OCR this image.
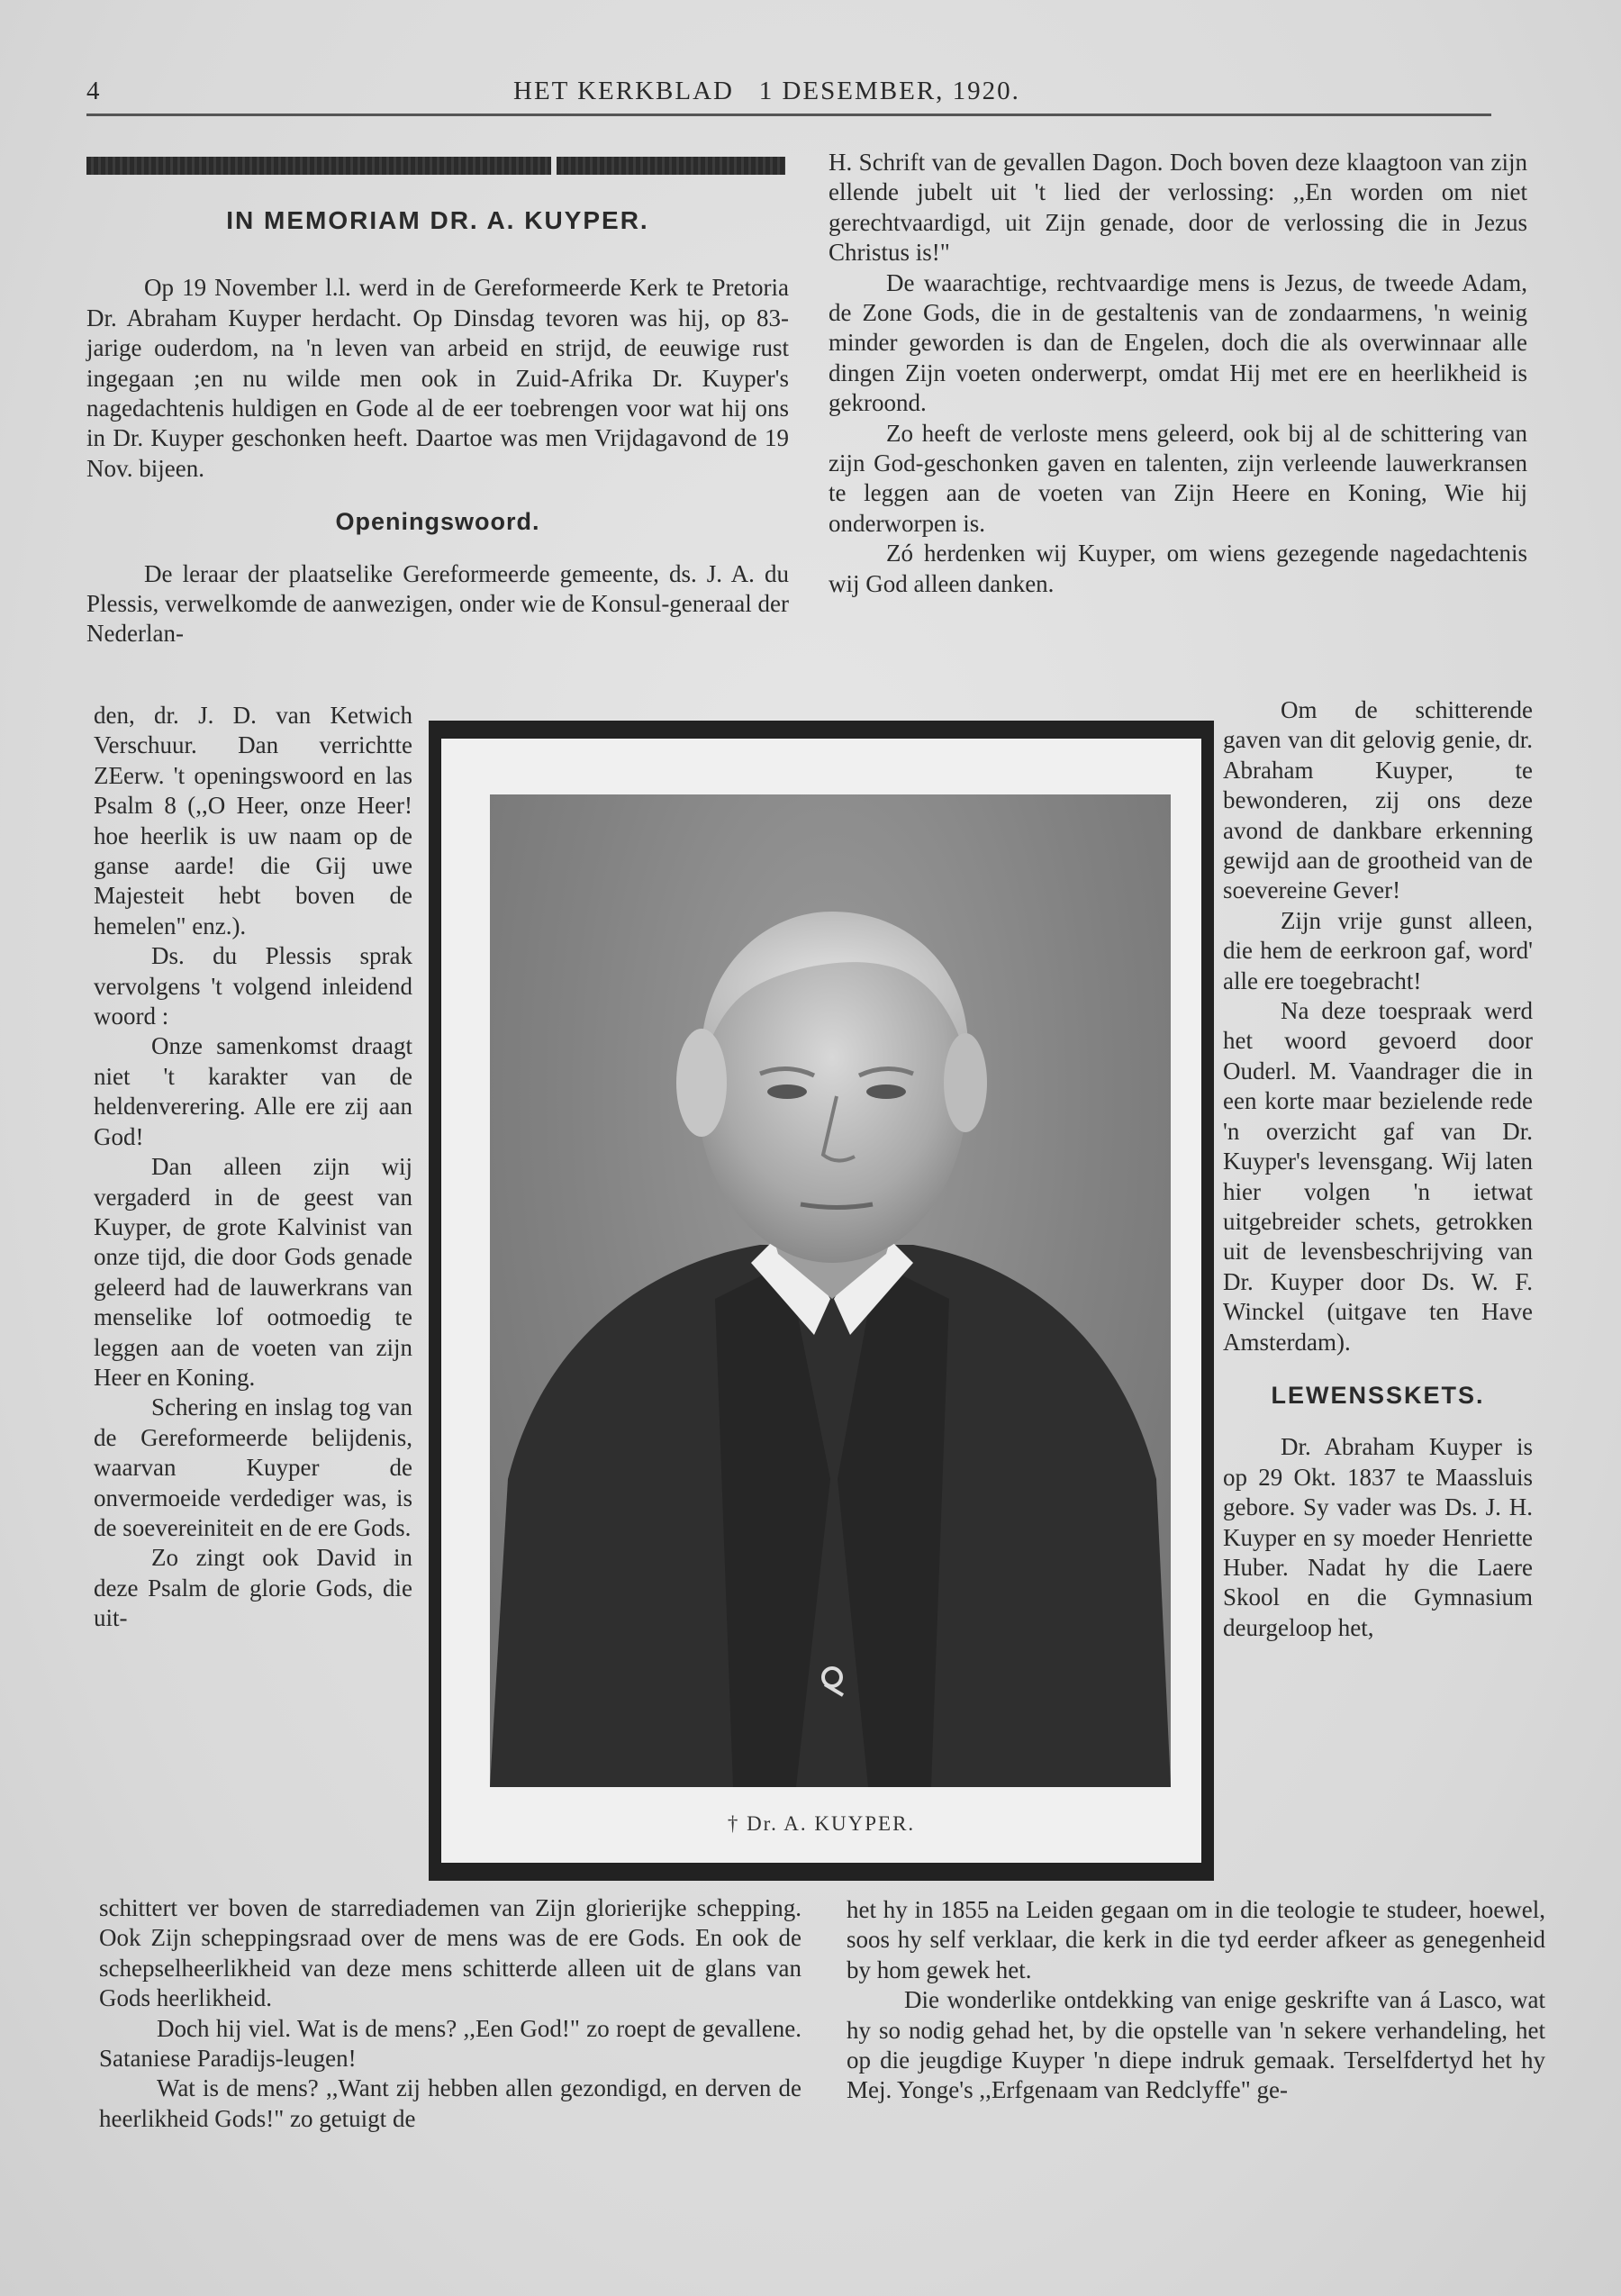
4	HET KERKBLAD   1 DESEMBER, 1920.
IN MEMORIAM DR. A. KUYPER.

Op 19 November l.l. werd in de Gereformeerde Kerk te Pretoria Dr. Abraham Kuyper herdacht. Op Dinsdag tevoren was hij, op 83-jarige ouderdom, na 'n leven van arbeid en strijd, de eeuwige rust ingegaan ;en nu wilde men ook in Zuid-Afrika Dr. Kuyper's nagedachtenis huldigen en Gode al de eer toebrengen voor wat hij ons in Dr. Kuyper geschonken heeft. Daartoe was men Vrijdagavond de 19 Nov. bijeen.

Openingswoord.

De leraar der plaatselike Gereformeerde gemeente, ds. J. A. du Plessis, verwelkomde de aanwezigen, onder wie de Konsul-generaal der Nederlan-

den, dr. J. D. van Ketwich Verschuur. Dan verrichtte ZEerw. 't openingswoord en las Psalm 8 (,,O Heer, onze Heer! hoe heerlik is uw naam op de ganse aarde! die Gij uwe Majesteit hebt boven de hemelen" enz.).

Ds. du Plessis sprak vervolgens 't volgend inleidend woord :

Onze samenkomst draagt niet 't karakter van de heldenverering. Alle ere zij aan God!

Dan alleen zijn wij vergaderd in de geest van Kuyper, de grote Kalvinist van onze tijd, die door Gods genade geleerd had de lauwerkrans van menselike lof ootmoedig te leggen aan de voeten van zijn Heer en Koning.

Schering en inslag tog van de Gereformeerde belijdenis, waarvan Kuyper de onvermoeide verdediger was, is de soevereiniteit en de ere Gods.

Zo zingt ook David in deze Psalm de glorie Gods, die uit-

schittert ver boven de starrediademen van Zijn glorierijke schepping. Ook Zijn scheppingsraad over de mens was de ere Gods. En ook de schepselheerlikheid van deze mens schitterde alleen uit de glans van Gods heerlikheid.

Doch hij viel. Wat is de mens? ,,Een God!" zo roept de gevallene. Sataniese Paradijs-leugen!

Wat is de mens? ,,Want zij hebben allen gezondigd, en derven de heerlikheid Gods!" zo getuigt de

H. Schrift van de gevallen Dagon. Doch boven deze klaagtoon van zijn ellende jubelt uit 't lied der verlossing: ,,En worden om niet gerechtvaardigd, uit Zijn genade, door de verlossing die in Jezus Christus is!"

De waarachtige, rechtvaardige mens is Jezus, de tweede Adam, de Zone Gods, die in de gestaltenis van de zondaarmens, 'n weinig minder geworden is dan de Engelen, doch die als overwinnaar alle dingen Zijn voeten onderwerpt, omdat Hij met ere en heerlikheid is gekroond.

Zo heeft de verloste mens geleerd, ook bij al de schittering van zijn God-geschonken gaven en talenten, zijn verleende lauwerkransen te leggen aan de voeten van Zijn Heere en Koning, Wie hij onderworpen is.

Zó herdenken wij Kuyper, om wiens gezegende nagedachtenis wij God alleen danken.

Om de schitterende gaven van dit gelovig genie, dr. Abraham Kuyper, te bewonderen, zij ons deze avond de dankbare erkenning gewijd aan de grootheid van de soevereine Gever!

Zijn vrije gunst alleen, die hem de eerkroon gaf, word' alle ere toegebracht!

Na deze toespraak werd het woord gevoerd door Ouderl. M. Vaandrager die in een korte maar bezielende rede 'n overzicht gaf van Dr. Kuyper's levensgang. Wij laten hier volgen 'n ietwat uitgebreider schets, getrokken uit de levensbeschrijving van Dr. Kuyper door Ds. W. F. Winckel (uitgave ten Have Amsterdam).

LEWENSSKETS.

Dr. Abraham Kuyper is op 29 Okt. 1837 te Maassluis gebore. Sy vader was Ds. J. H. Kuyper en sy moeder Henriette Huber. Nadat hy die Laere Skool en die Gymnasium deurgeloop het,

het hy in 1855 na Leiden gegaan om in die teologie te studeer, hoewel, soos hy self verklaar, die kerk in die tyd eerder afkeer as genegenheid by hom gewek het.

Die wonderlike ontdekking van enige geskrifte van á Lasco, wat hy so nodig gehad het, by die opstelle van 'n sekere verhandeling, het op die jeugdige Kuyper 'n diepe indruk gemaak. Terselfdertyd het hy Mej. Yonge's ,,Erfgenaam van Redclyffe" ge-

† Dr. A. KUYPER.
